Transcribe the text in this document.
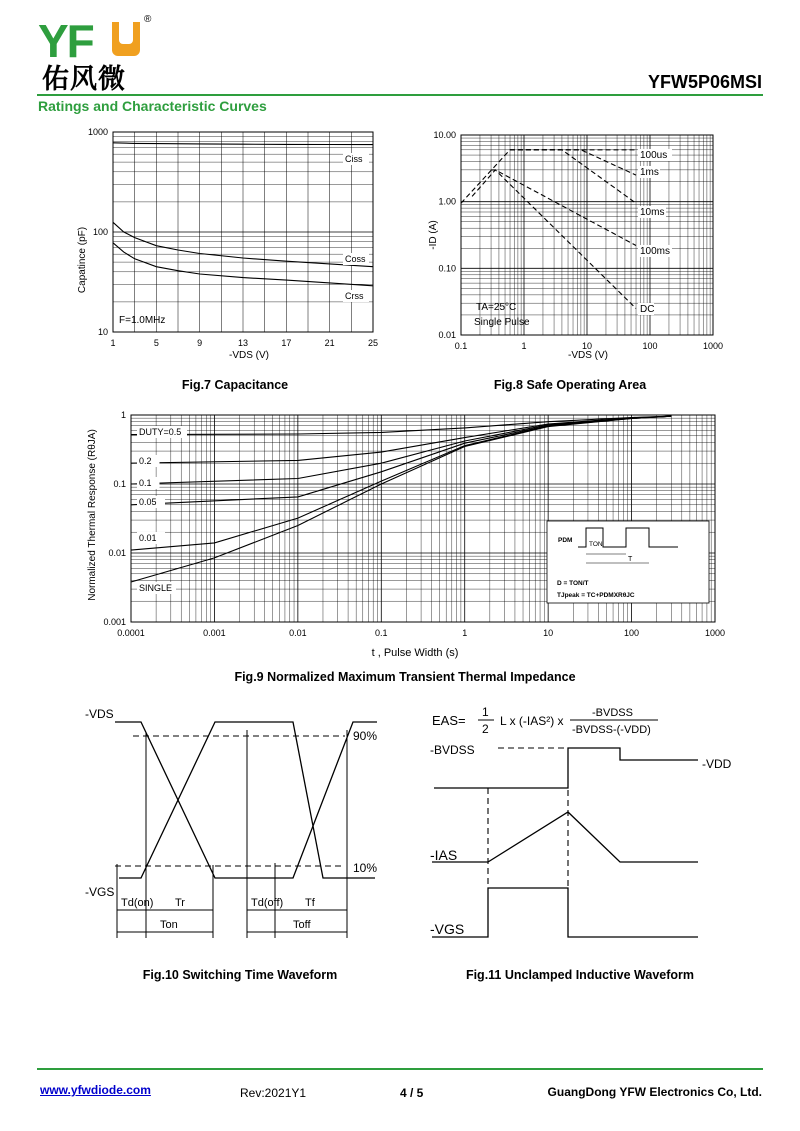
YF	®
佑风微	YFW5P06MSI
Ratings and Characteristic Curves
1	5	9	13	17	21	25
10
100
1000
Ciss
Coss
Crss
Capatince (pF)
-VDS (V)
F=1.0MHz
0.1	1	10	100	1000
0.01
0.10
1.00
10.00
100us
1ms
10ms
100ms
DC
-ID (A)
-VDS (V)
TA=25°C
Single Pulse
Fig.7 Capacitance	Fig.8 Safe Operating Area
0.0001	0.001	0.01	0.1	1	10	100	1000
0.001
0.01
0.1
1
DUTY=0.5
0.2
0.1
0.05
0.01
SINGLE
Normalized Thermal Response (RθJA)
t , Pulse Width (s)
PDM
TON
T
D = TON/T
TJpeak = TC+PDMXRθJC
Fig.9 Normalized Maximum Transient Thermal Impedance
-VDS
-VGS
90%
10%
Td(on) Tr	Td(off) Tf
Ton	Toff
EAS=
1
2
L x (-IAS²) x
-BVDSS
-BVDSS-(-VDD)
-BVDSS
-VDD
-IAS
-VGS
Fig.10 Switching Time Waveform	Fig.11 Unclamped Inductive Waveform
www.yfwdiode.com	Rev:2021Y1	4 / 5	GuangDong YFW Electronics Co, Ltd.
